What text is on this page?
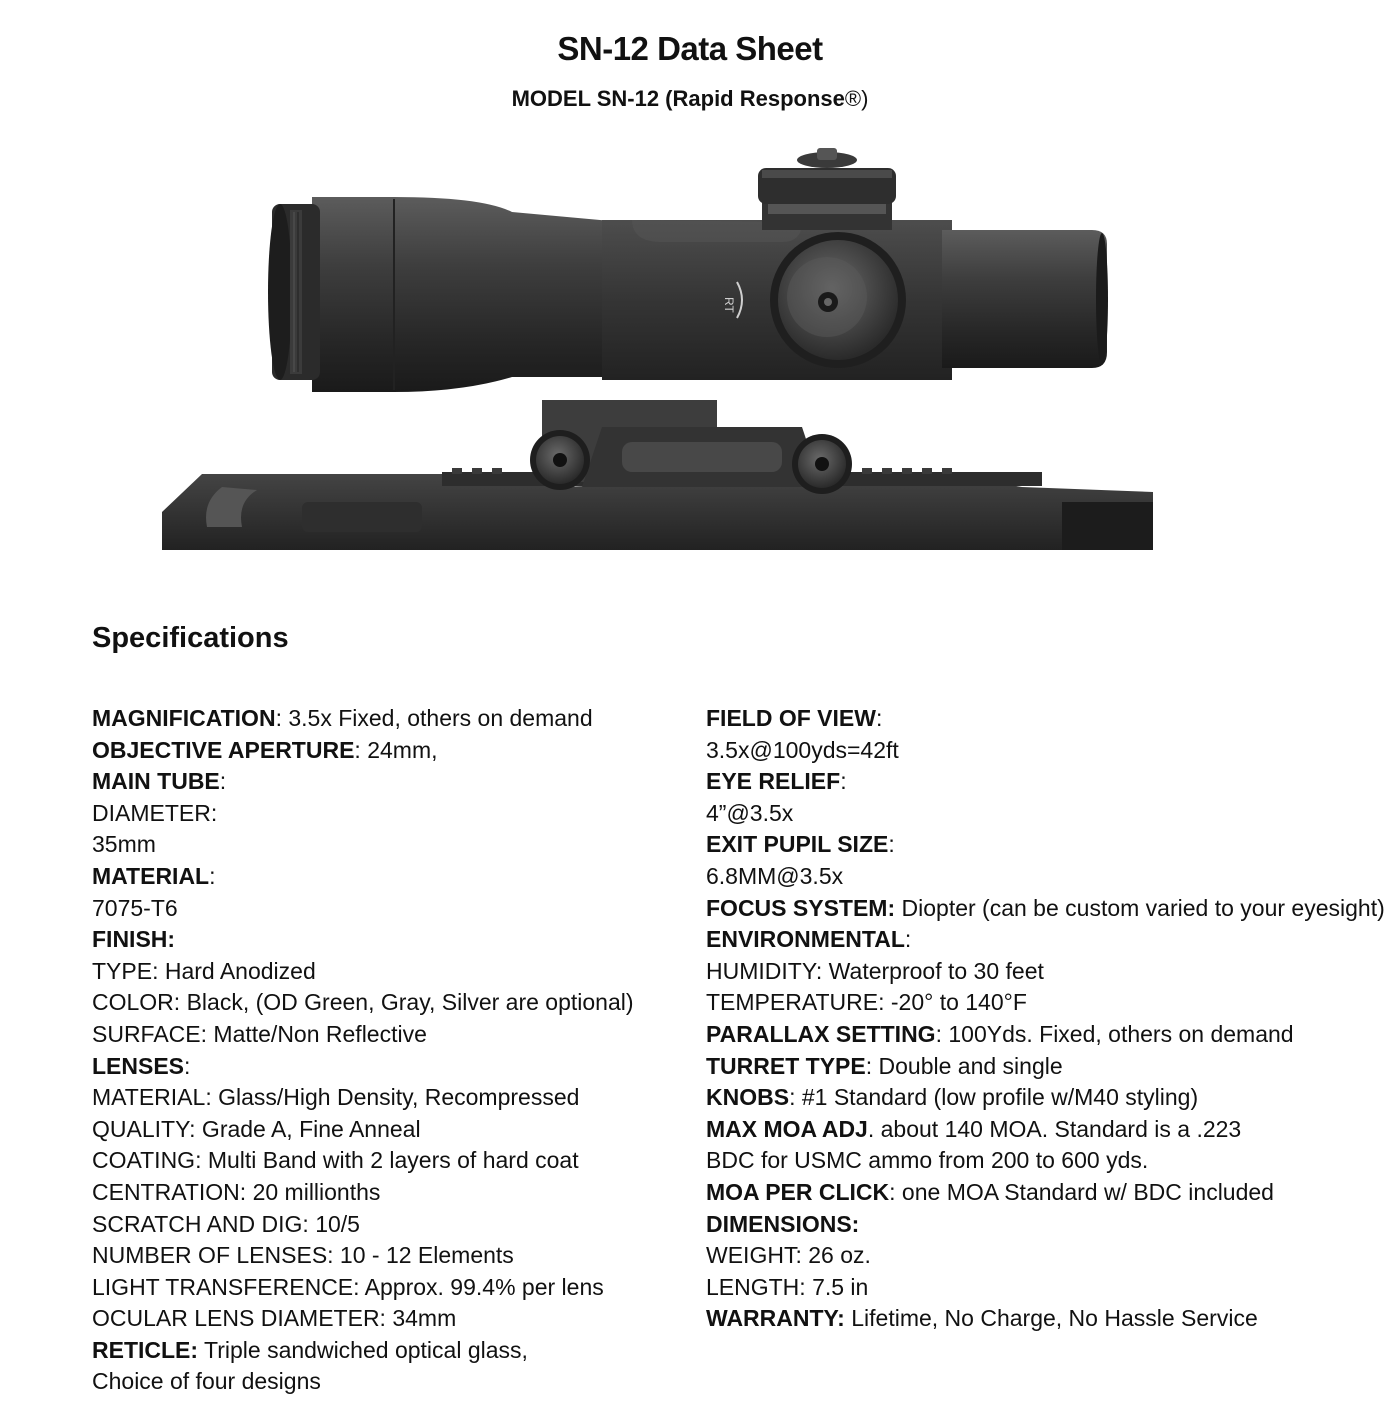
SN-12 Data Sheet
MODEL SN-12 (Rapid Response®)
RT
Specifications
MAGNIFICATION: 3.5x Fixed, others on demand
OBJECTIVE APERTURE: 24mm,
MAIN TUBE:
DIAMETER:
35mm
MATERIAL:
7075-T6
FINISH:
TYPE: Hard Anodized
COLOR: Black, (OD Green, Gray, Silver are optional)
SURFACE: Matte/Non Reflective
LENSES:
MATERIAL: Glass/High Density, Recompressed
QUALITY: Grade A, Fine Anneal
COATING: Multi Band with 2 layers of hard coat
CENTRATION: 20 millionths
SCRATCH AND DIG: 10/5
NUMBER OF LENSES: 10 - 12 Elements
LIGHT TRANSFERENCE: Approx. 99.4% per lens
OCULAR LENS DIAMETER: 34mm
RETICLE: Triple sandwiched optical glass,
Choice of four designs
FIELD OF VIEW:
3.5x@100yds=42ft
EYE RELIEF:
4”@3.5x
EXIT PUPIL SIZE:
6.8MM@3.5x
FOCUS SYSTEM: Diopter (can be custom varied to your eyesight)
ENVIRONMENTAL:
HUMIDITY: Waterproof to 30 feet
TEMPERATURE: -20° to 140°F
PARALLAX SETTING: 100Yds. Fixed, others on demand
TURRET TYPE: Double and single
KNOBS: #1 Standard (low profile w/M40 styling)
MAX MOA ADJ. about 140 MOA. Standard is a .223 BDC for USMC ammo from 200 to 600 yds.
MOA PER CLICK: one MOA Standard w/ BDC included
DIMENSIONS:
WEIGHT: 26 oz.
LENGTH: 7.5 in
WARRANTY: Lifetime, No Charge, No Hassle Service
